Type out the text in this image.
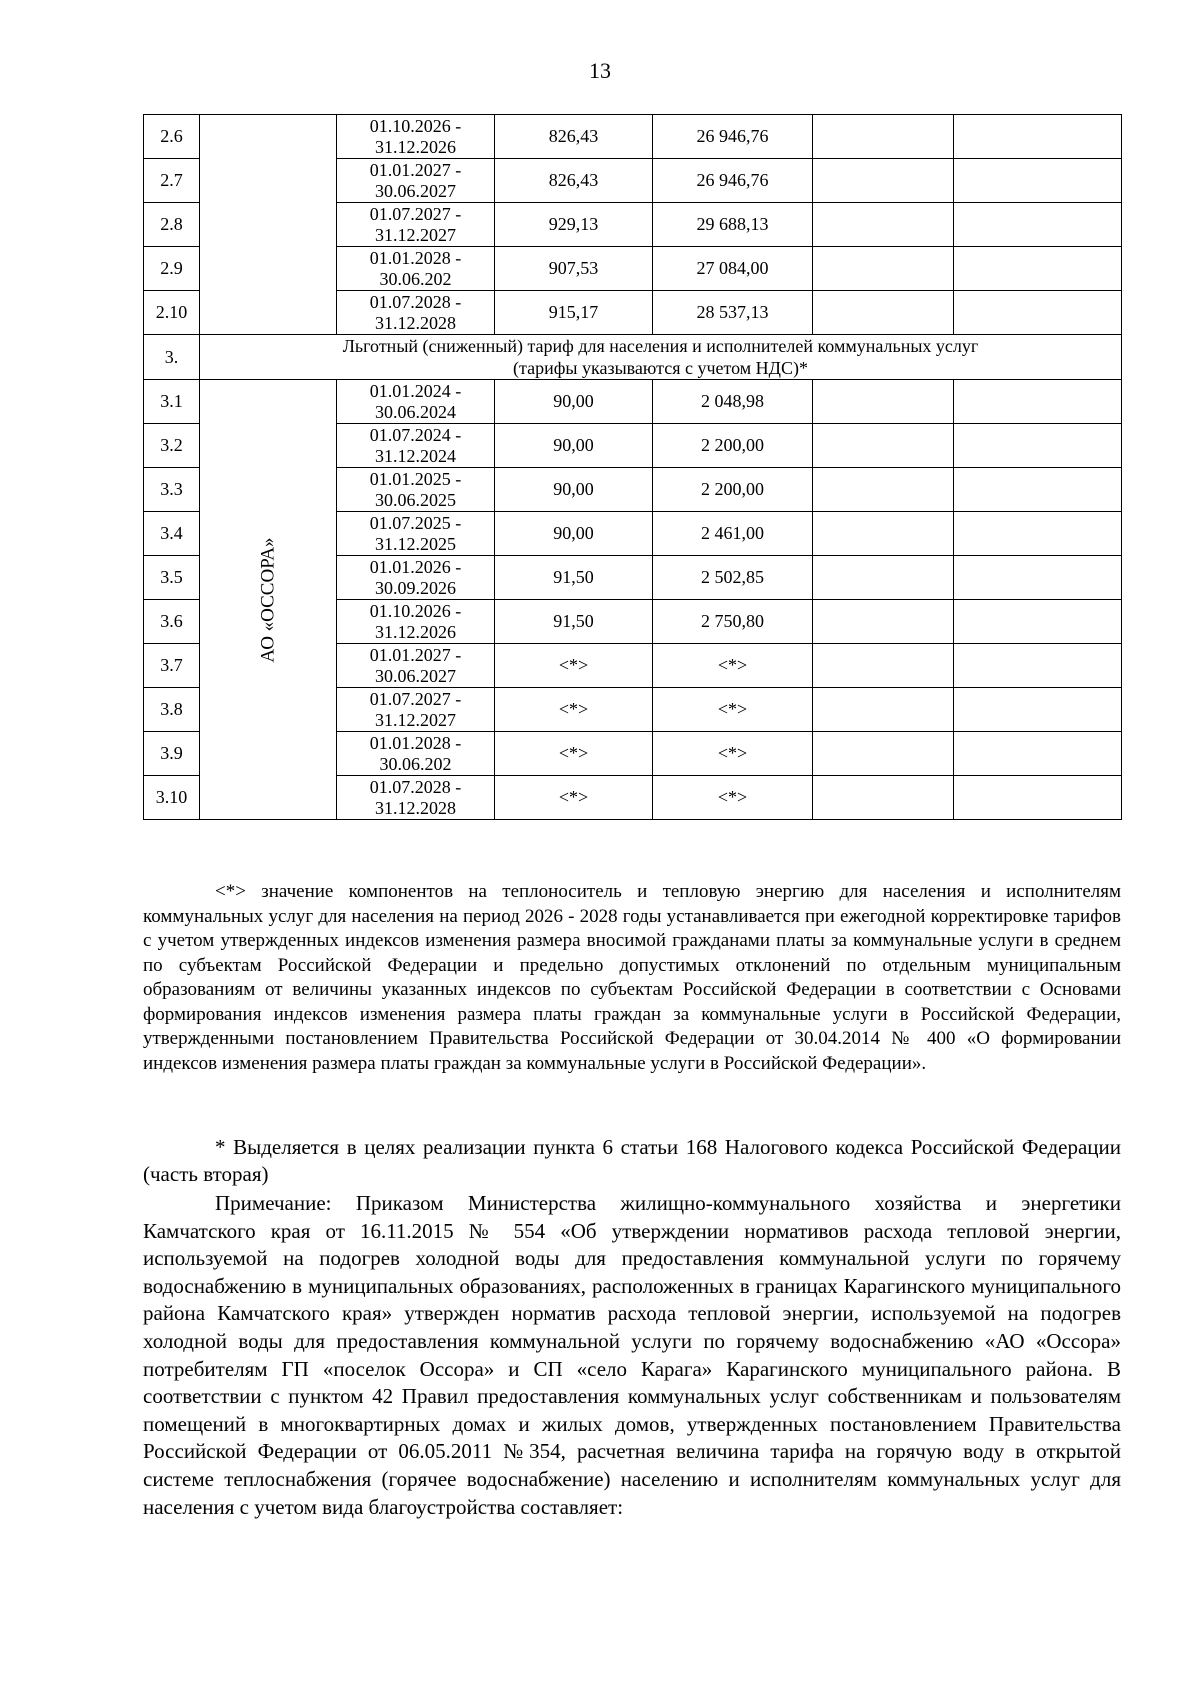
13
2.6		01.10.2026 -
31.12.2026	826,43	26 946,76		
2.7		01.01.2027 -
30.06.2027	826,43	26 946,76		
2.8		01.07.2027 -
31.12.2027	929,13	29 688,13		
2.9		01.01.2028 -
30.06.202	907,53	27 084,00		
2.10		01.07.2028 -
31.12.2028	915,17	28 537,13		
3.	Льготный (сниженный) тариф для населения и исполнителей коммунальных услуг
(тарифы указываются с учетом НДС)*					
3.1	АО «ОССОРА»	01.01.2024 -
30.06.2024	90,00	2 048,98		
3.2		01.07.2024 -
31.12.2024	90,00	2 200,00		
3.3		01.01.2025 -
30.06.2025	90,00	2 200,00		
3.4		01.07.2025 -
31.12.2025	90,00	2 461,00		
3.5		01.01.2026 -
30.09.2026	91,50	2 502,85		
3.6		01.10.2026 -
31.12.2026	91,50	2 750,80		
3.7		01.01.2027 -
30.06.2027	<*>	<*>		
3.8		01.07.2027 -
31.12.2027	<*>	<*>		
3.9		01.01.2028 -
30.06.202	<*>	<*>		
3.10		01.07.2028 -
31.12.2028	<*>	<*>		

<*> значение компонентов на теплоноситель и тепловую энергию для населения и исполнителям коммунальных услуг для населения на период 2026 - 2028 годы устанавливается при ежегодной корректировке тарифов с учетом утвержденных индексов изменения размера вносимой гражданами платы за коммунальные услуги в среднем по субъектам Российской Федерации и предельно допустимых отклонений по отдельным муниципальным образованиям от величины указанных индексов по субъектам Российской Федерации в соответствии с Основами формирования индексов изменения размера платы граждан за коммунальные услуги в Российской Федерации, утвержденными постановлением Правительства Российской Федерации от 30.04.2014 № 400 «О формировании индексов изменения размера платы граждан за коммунальные услуги в Российской Федерации».

* Выделяется в целях реализации пункта 6 статьи 168 Налогового кодекса Российской Федерации (часть вторая)

Примечание: Приказом Министерства жилищно-коммунального хозяйства и энергетики Камчатского края от 16.11.2015 № 554 «Об утверждении нормативов расхода тепловой энергии, используемой на подогрев холодной воды для предоставления коммунальной услуги по горячему водоснабжению в муниципальных образованиях, расположенных в границах Карагинского муниципального района Камчатского края» утвержден норматив расхода тепловой энергии, используемой на подогрев холодной воды для предоставления коммунальной услуги по горячему водоснабжению «АО «Оссора» потребителям ГП «поселок Оссора» и СП «село Карага» Карагинского муниципального района. В соответствии с пунктом 42 Правил предоставления коммунальных услуг собственникам и пользователям помещений в многоквартирных домах и жилых домов, утвержденных постановлением Правительства Российской Федерации от 06.05.2011 №354, расчетная величина тарифа на горячую воду в открытой системе теплоснабжения (горячее водоснабжение) населению и исполнителям коммунальных услуг для населения с учетом вида благоустройства составляет:
